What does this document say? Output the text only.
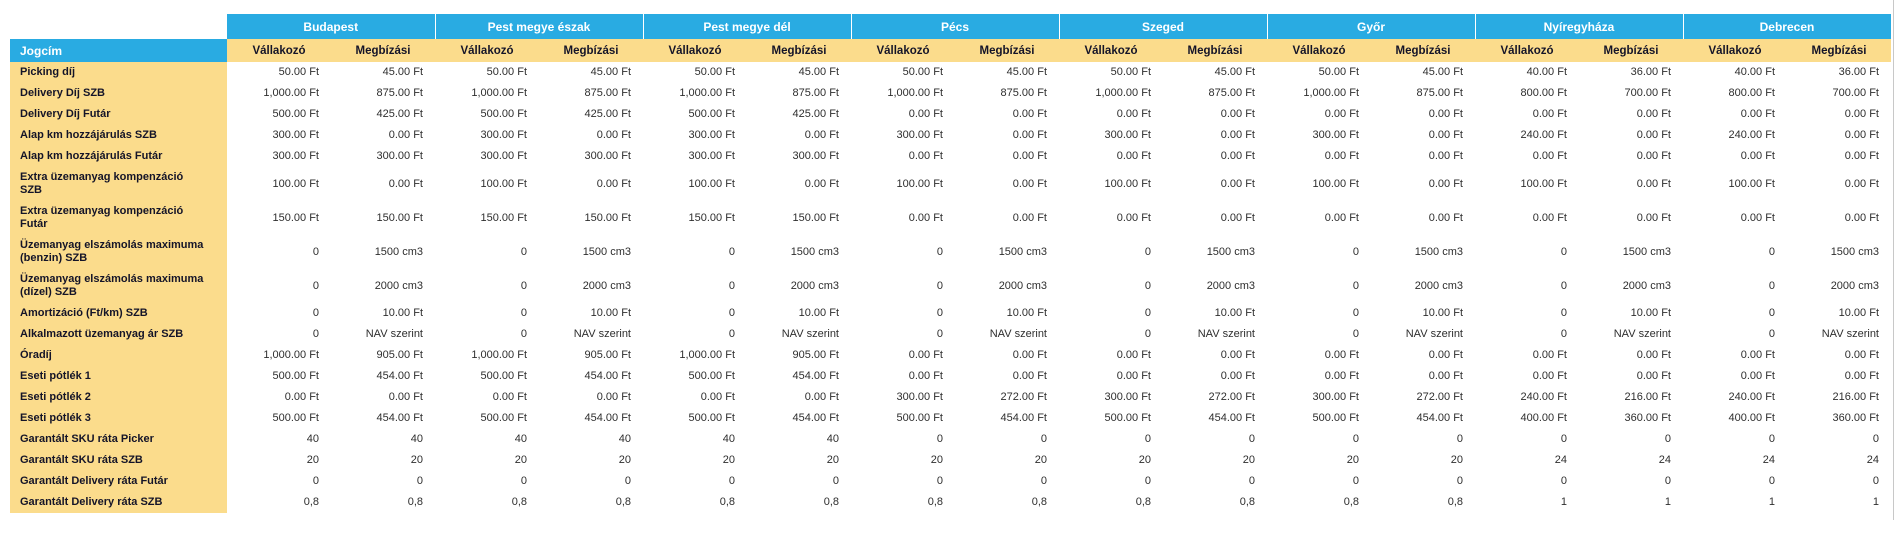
	Budapest		Pest megye észak		Pest megye dél		Pécs		Szeged		Győr		Nyíregyháza		Debrecen	
Jogcím	Vállakozó	Megbízási	Vállakozó	Megbízási	Vállakozó	Megbízási	Vállakozó	Megbízási	Vállakozó	Megbízási	Vállakozó	Megbízási	Vállakozó	Megbízási	Vállakozó	Megbízási
Picking díj	50.00 Ft	45.00 Ft	50.00 Ft	45.00 Ft	50.00 Ft	45.00 Ft	50.00 Ft	45.00 Ft	50.00 Ft	45.00 Ft	50.00 Ft	45.00 Ft	40.00 Ft	36.00 Ft	40.00 Ft	36.00 Ft
Delivery Díj SZB	1,000.00 Ft	875.00 Ft	1,000.00 Ft	875.00 Ft	1,000.00 Ft	875.00 Ft	1,000.00 Ft	875.00 Ft	1,000.00 Ft	875.00 Ft	1,000.00 Ft	875.00 Ft	800.00 Ft	700.00 Ft	800.00 Ft	700.00 Ft
Delivery Díj Futár	500.00 Ft	425.00 Ft	500.00 Ft	425.00 Ft	500.00 Ft	425.00 Ft	0.00 Ft	0.00 Ft	0.00 Ft	0.00 Ft	0.00 Ft	0.00 Ft	0.00 Ft	0.00 Ft	0.00 Ft	0.00 Ft
Alap km hozzájárulás SZB	300.00 Ft	0.00 Ft	300.00 Ft	0.00 Ft	300.00 Ft	0.00 Ft	300.00 Ft	0.00 Ft	300.00 Ft	0.00 Ft	300.00 Ft	0.00 Ft	240.00 Ft	0.00 Ft	240.00 Ft	0.00 Ft
Alap km hozzájárulás Futár	300.00 Ft	300.00 Ft	300.00 Ft	300.00 Ft	300.00 Ft	300.00 Ft	0.00 Ft	0.00 Ft	0.00 Ft	0.00 Ft	0.00 Ft	0.00 Ft	0.00 Ft	0.00 Ft	0.00 Ft	0.00 Ft
Extra üzemanyag kompenzáció SZB	100.00 Ft	0.00 Ft	100.00 Ft	0.00 Ft	100.00 Ft	0.00 Ft	100.00 Ft	0.00 Ft	100.00 Ft	0.00 Ft	100.00 Ft	0.00 Ft	100.00 Ft	0.00 Ft	100.00 Ft	0.00 Ft
Extra üzemanyag kompenzáció Futár	150.00 Ft	150.00 Ft	150.00 Ft	150.00 Ft	150.00 Ft	150.00 Ft	0.00 Ft	0.00 Ft	0.00 Ft	0.00 Ft	0.00 Ft	0.00 Ft	0.00 Ft	0.00 Ft	0.00 Ft	0.00 Ft
Üzemanyag elszámolás maximuma (benzin) SZB	0	1500 cm3	0	1500 cm3	0	1500 cm3	0	1500 cm3	0	1500 cm3	0	1500 cm3	0	1500 cm3	0	1500 cm3
Üzemanyag elszámolás maximuma (dízel) SZB	0	2000 cm3	0	2000 cm3	0	2000 cm3	0	2000 cm3	0	2000 cm3	0	2000 cm3	0	2000 cm3	0	2000 cm3
Amortizáció (Ft/km) SZB	0	10.00 Ft	0	10.00 Ft	0	10.00 Ft	0	10.00 Ft	0	10.00 Ft	0	10.00 Ft	0	10.00 Ft	0	10.00 Ft
Alkalmazott üzemanyag ár SZB	0	NAV szerint	0	NAV szerint	0	NAV szerint	0	NAV szerint	0	NAV szerint	0	NAV szerint	0	NAV szerint	0	NAV szerint
Óradíj	1,000.00 Ft	905.00 Ft	1,000.00 Ft	905.00 Ft	1,000.00 Ft	905.00 Ft	0.00 Ft	0.00 Ft	0.00 Ft	0.00 Ft	0.00 Ft	0.00 Ft	0.00 Ft	0.00 Ft	0.00 Ft	0.00 Ft
Eseti pótlék 1	500.00 Ft	454.00 Ft	500.00 Ft	454.00 Ft	500.00 Ft	454.00 Ft	0.00 Ft	0.00 Ft	0.00 Ft	0.00 Ft	0.00 Ft	0.00 Ft	0.00 Ft	0.00 Ft	0.00 Ft	0.00 Ft
Eseti pótlék 2	0.00 Ft	0.00 Ft	0.00 Ft	0.00 Ft	0.00 Ft	0.00 Ft	300.00 Ft	272.00 Ft	300.00 Ft	272.00 Ft	300.00 Ft	272.00 Ft	240.00 Ft	216.00 Ft	240.00 Ft	216.00 Ft
Eseti pótlék 3	500.00 Ft	454.00 Ft	500.00 Ft	454.00 Ft	500.00 Ft	454.00 Ft	500.00 Ft	454.00 Ft	500.00 Ft	454.00 Ft	500.00 Ft	454.00 Ft	400.00 Ft	360.00 Ft	400.00 Ft	360.00 Ft
Garantált SKU ráta Picker	40	40	40	40	40	40	0	0	0	0	0	0	0	0	0	0
Garantált SKU ráta SZB	20	20	20	20	20	20	20	20	20	20	20	20	24	24	24	24
Garantált Delivery ráta Futár	0	0	0	0	0	0	0	0	0	0	0	0	0	0	0	0
Garantált Delivery ráta SZB	0,8	0,8	0,8	0,8	0,8	0,8	0,8	0,8	0,8	0,8	0,8	0,8	1	1	1	1
